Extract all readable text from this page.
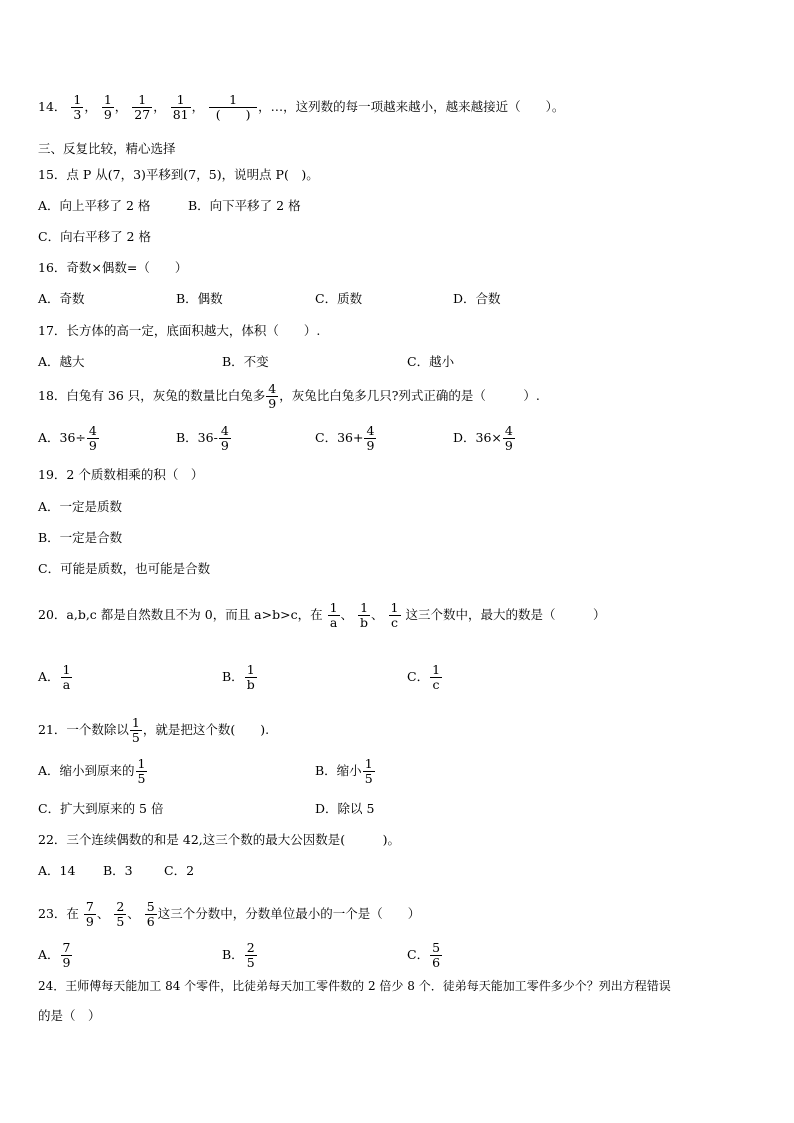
14． $\frac{1}{3}$ ， $\frac{1}{9}$ ， $\frac{1}{27}$ ， $\frac{1}{81}$ ， $\frac{1}{( )}$ ，…，这列数的每一项越来越小，越来越接近（　　）。
三、反复比较，精心选择
15．点 P 从(7，3)平移到(7，5)，说明点 P(　)。
A．向上平移了 2 格	B．向下平移了 2 格
C．向右平移了 2 格
16．奇数×偶数=（　　）
A．奇数	B．偶数	C．质数	D．合数
17．长方体的高一定，底面积越大，体积（　　）.
A．越大	B．不变	C．越小
18．白兔有 36 只，灰兔的数量比白兔多 $\frac{4}{9}$ ，灰兔比白兔多几只?列式正确的是（　　　）.
A．$36\div \frac{4}{9}$	B．$36- \frac{4}{9}$	C．$36+ \frac{4}{9}$	D．$36\times \frac{4}{9}$
19．2 个质数相乘的积（　）
A．一定是质数
B．一定是合数
C．可能是质数，也可能是合数
20．a,b,c 都是自然数且不为 0，而且 a>b>c，在 $\frac{1}{a}$ 、 $\frac{1}{b}$ 、 $\frac{1}{c}$ 这三个数中，最大的数是（　　　）
A． $\frac{1}{a}$	B． $\frac{1}{b}$	C． $\frac{1}{c}$
21．一个数除以 $\frac{1}{5}$ ，就是把这个数(　　).
A．缩小到原来的 $\frac{1}{5}$	B．缩小 $\frac{1}{5}$
C．扩大到原来的 5 倍	D．除以 5
22．三个连续偶数的和是 42,这三个数的最大公因数是(　　　)。
A．14 B．3	C．2
23．在 $\frac{7}{9}$ 、 $\frac{2}{5}$ 、 $\frac{5}{6}$ 这三个分数中，分数单位最小的一个是（　　）
A． $\frac{7}{9}$	B． $\frac{2}{5}$	C． $\frac{5}{6}$
24．王师傅每天能加工 84 个零件，比徒弟每天加工零件数的 2 倍少 8 个．徒弟每天能加工零件多少个？列出方程错误
的是（　）
